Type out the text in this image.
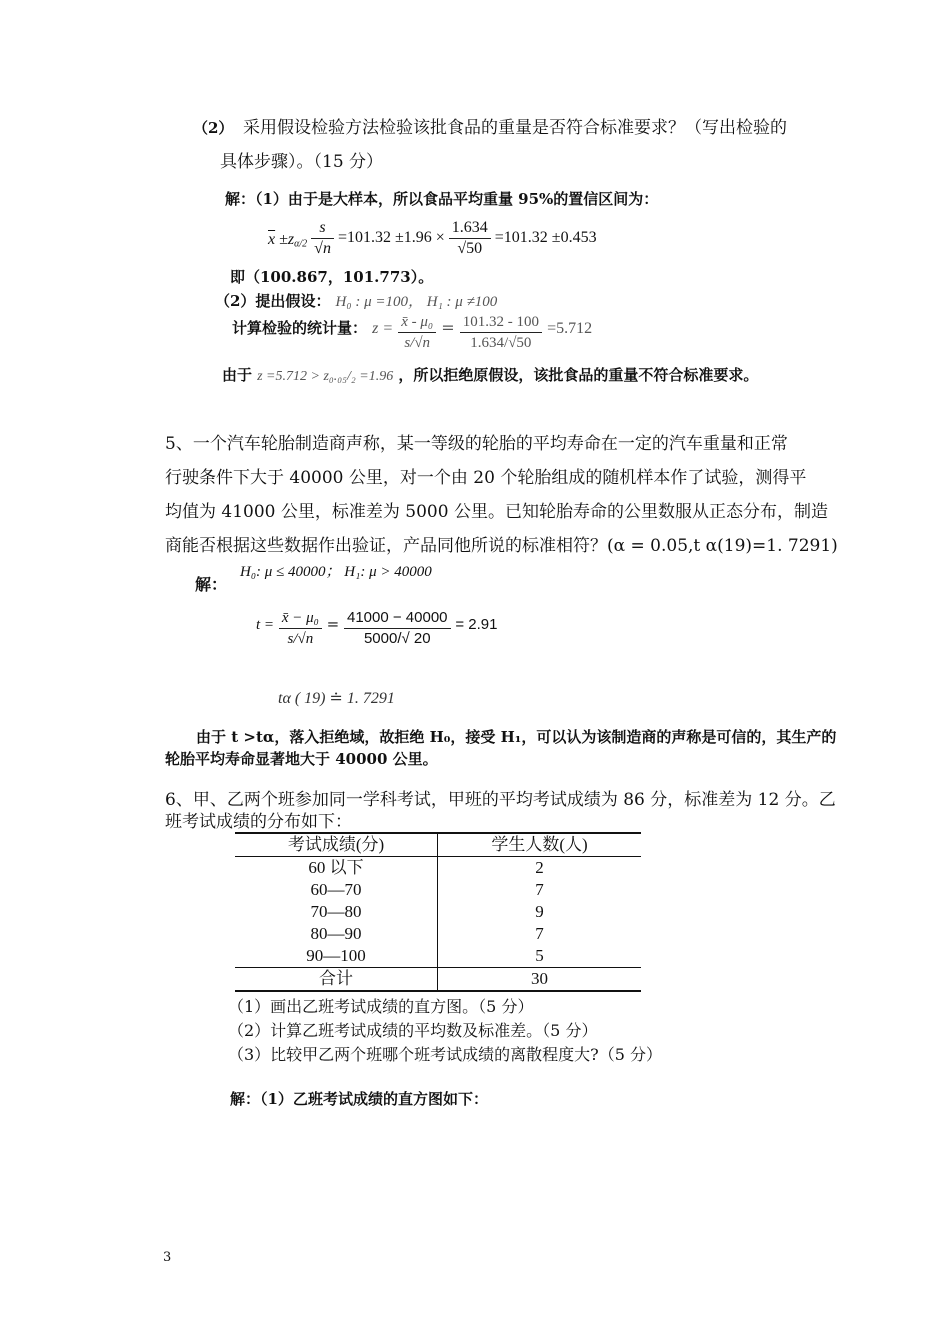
（2） 采用假设检验方法检验该批食品的重量是否符合标准要求？（写出检验的
具体步骤）。（15 分）
解：（1）由于是大样本，所以食品平均重量 95%的置信区间为：
$\overline{x} \pm z_{\alpha/2} \frac{s}{√n} =101.32 \pm 1.96 \times \frac{1.634}{√50} =101.32 \pm 0.453$
即（100.867，101.773）。
（2）提出假设： H₀ : μ =100， H₁ : μ ≠100
计算检验的统计量： $z = \frac{\text{x̄ - μ₀}}{s/√n} = \frac{101.32 - 100}{1.634/√50} =5.712$
由于 z =5.712 > z₀.₀₅/₂ =1.96 ，所以拒绝原假设，该批食品的重量不符合标准要求。
5、一个汽车轮胎制造商声称，某一等级的轮胎的平均寿命在一定的汽车重量和正常
行驶条件下大于 40000 公里，对一个由 20 个轮胎组成的随机样本作了试验，测得平
均值为 41000 公里，标准差为 5000 公里。已知轮胎寿命的公里数服从正态分布，制造
商能否根据这些数据作出验证，产品同他所说的标准相符？(α = 0.05,t α(19)=1. 7291)
解：
H₀: μ ≤ 40000； H₁: μ > 40000
$t = \frac{\text{x̄ − μ₀}}{s/√n} = \frac{41000 - 40000}{5000/√ 20} = 2.91$
tα ( 19) ≐ 1. 7291
由于 t >tα，落入拒绝域，故拒绝 H₀，接受 H₁，可以认为该制造商的声称是可信的，其生产的
轮胎平均寿命显著地大于 40000 公里。
6、甲、乙两个班参加同一学科考试，甲班的平均考试成绩为 86 分，标准差为 12 分。乙
班考试成绩的分布如下：
考试成绩(分)	学生人数(人)
60 以下	2
60—70	7
70—80	9
80—90	7
90—100	5
合计	30
（1）画出乙班考试成绩的直方图。（5 分）
（2）计算乙班考试成绩的平均数及标准差。（5 分）
（3）比较甲乙两个班哪个班考试成绩的离散程度大?（5 分）
解：（1）乙班考试成绩的直方图如下：
3
